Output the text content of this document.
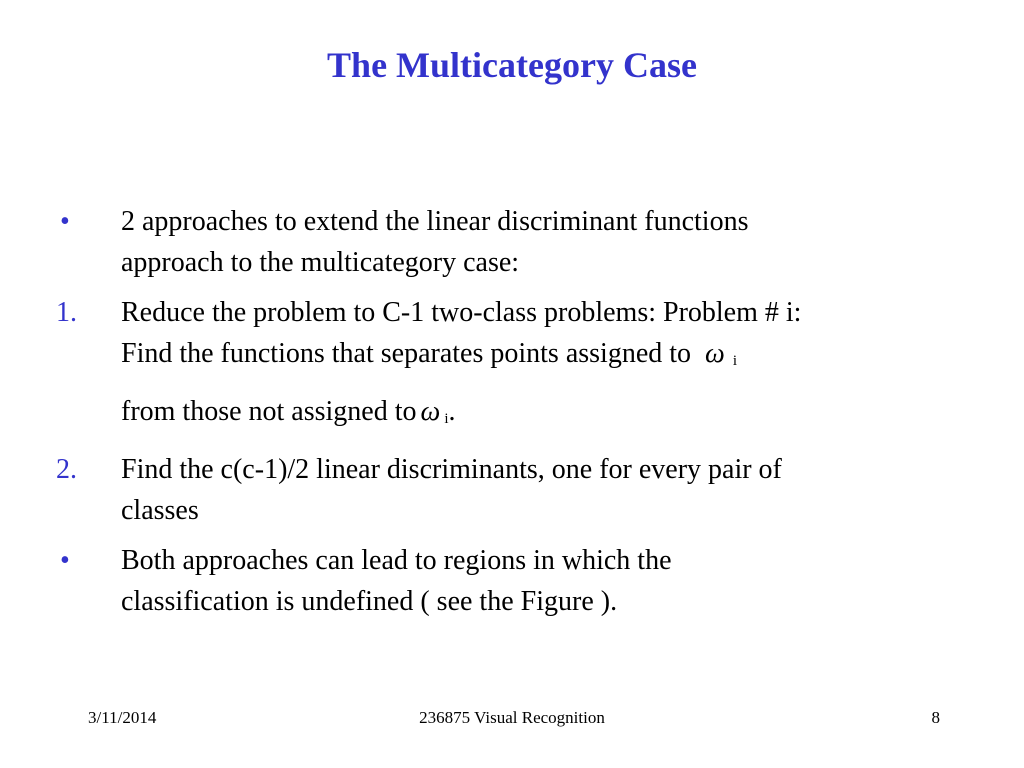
The Multicategory Case
• 2 approaches to extend the linear discriminant functions
approach to the multicategory case:
1. Reduce the problem to C-1 two-class problems: Problem # i:
Find the functions that separates points assigned to ω $_i$
from those not assigned to ω $_i$.
2. Find the c(c-1)/2 linear discriminants, one for every pair of
classes
• Both approaches can lead to regions in which the
classification is undefined ( see the Figure ).
3/11/2014	236875 Visual Recognition	8
